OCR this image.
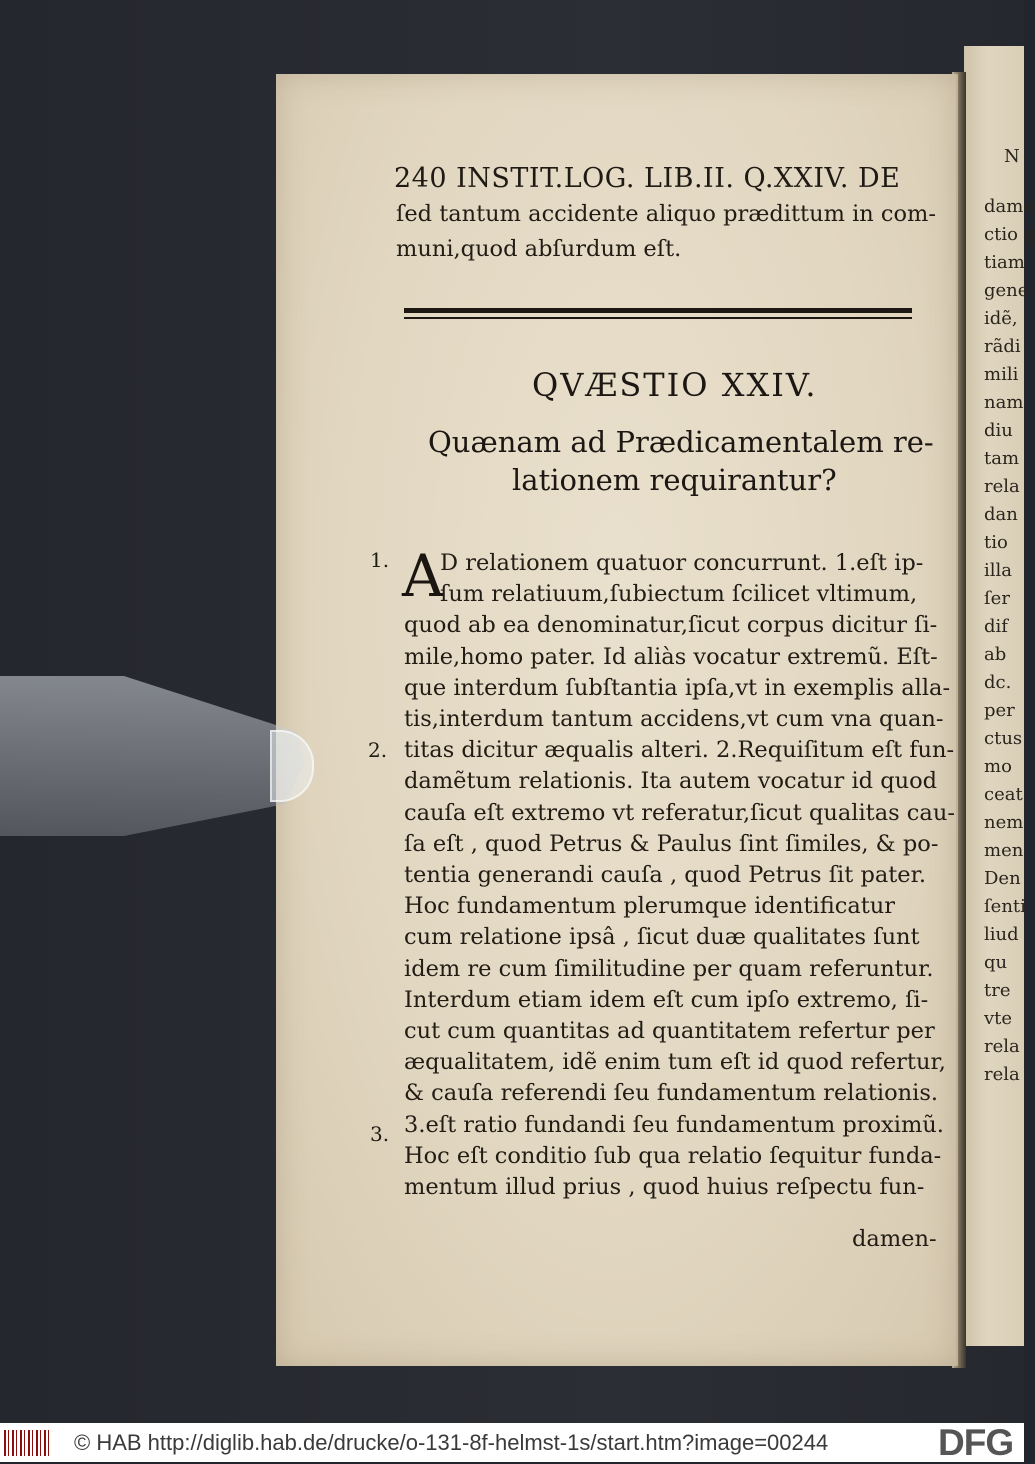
N
dame
ctio g
tiam
gene
idẽ,
rãdi
mili
nam
diu
tam
rela
dan
tio
illa
ſer
dif
ab
dc.
per
ctus
mo
ceat.
nem
men
Den
ſenti
liud
qu
tre
vte
rela
rela
240 INSTIT.LOG. LIB.II. Q.XXIV. DE
ſed tantum accidente aliquo prædittum in com-
muni,quod abſurdum eſt.
QVÆSTIO XXIV.
Quænam ad Prædicamentalem re-
lationem requirantur?
A
D relationem quatuor concurrunt. 1.eſt ip-
ſum relatiuum,ſubiectum ſcilicet vltimum,
quod ab ea denominatur,ſicut corpus dicitur ſi-
mile,homo pater. Id aliàs vocatur extremũ. Eſt-
que interdum ſubſtantia ipſa,vt in exemplis alla-
tis,interdum tantum accidens,vt cum vna quan-
titas dicitur æqualis alteri. 2.Requiſitum eſt fun-
damẽtum relationis. Ita autem vocatur id quod
cauſa eſt extremo vt referatur,ſicut qualitas cau-
ſa eſt , quod Petrus & Paulus ſint ſimiles, & po-
tentia generandi cauſa , quod Petrus ſit pater.
Hoc fundamentum plerumque identificatur
cum relatione ipsâ , ſicut duæ qualitates ſunt
idem re cum ſimilitudine per quam referuntur.
Interdum etiam idem eſt cum ipſo extremo, ſi-
cut cum quantitas ad quantitatem refertur per
æqualitatem, idẽ enim tum eſt id quod refertur,
& cauſa referendi ſeu fundamentum relationis.
3.eſt ratio fundandi ſeu fundamentum proximũ.
Hoc eſt conditio ſub qua relatio ſequitur funda-
mentum illud prius , quod huius reſpectu fun-
damen-
1.
2.
3.
© HAB http://diglib.hab.de/drucke/o-131-8f-helmst-1s/start.htm?image=00244	DFG
